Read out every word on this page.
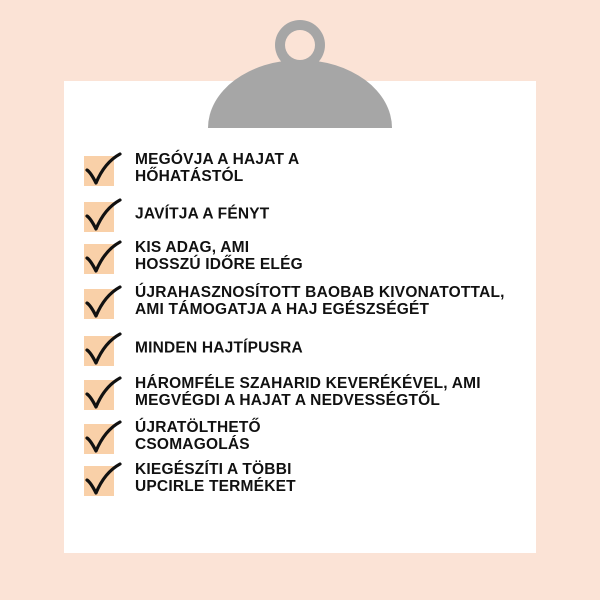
MEGÓVJA A HAJAT A
HŐHATÁSTÓL
JAVÍTJA A FÉNYT
KIS ADAG, AMI
HOSSZÚ IDŐRE ELÉG
ÚJRAHASZNOSÍTOTT BAOBAB KIVONATOTTAL,
AMI TÁMOGATJA A HAJ EGÉSZSÉGÉT
MINDEN HAJTÍPUSRA
HÁROMFÉLE SZAHARID KEVERÉKÉVEL, AMI
MEGVÉGDI A HAJAT A NEDVESSÉGTŐL
ÚJRATÖLTHETŐ
CSOMAGOLÁS
KIEGÉSZÍTI A TÖBBI
UPCIRLE TERMÉKET
